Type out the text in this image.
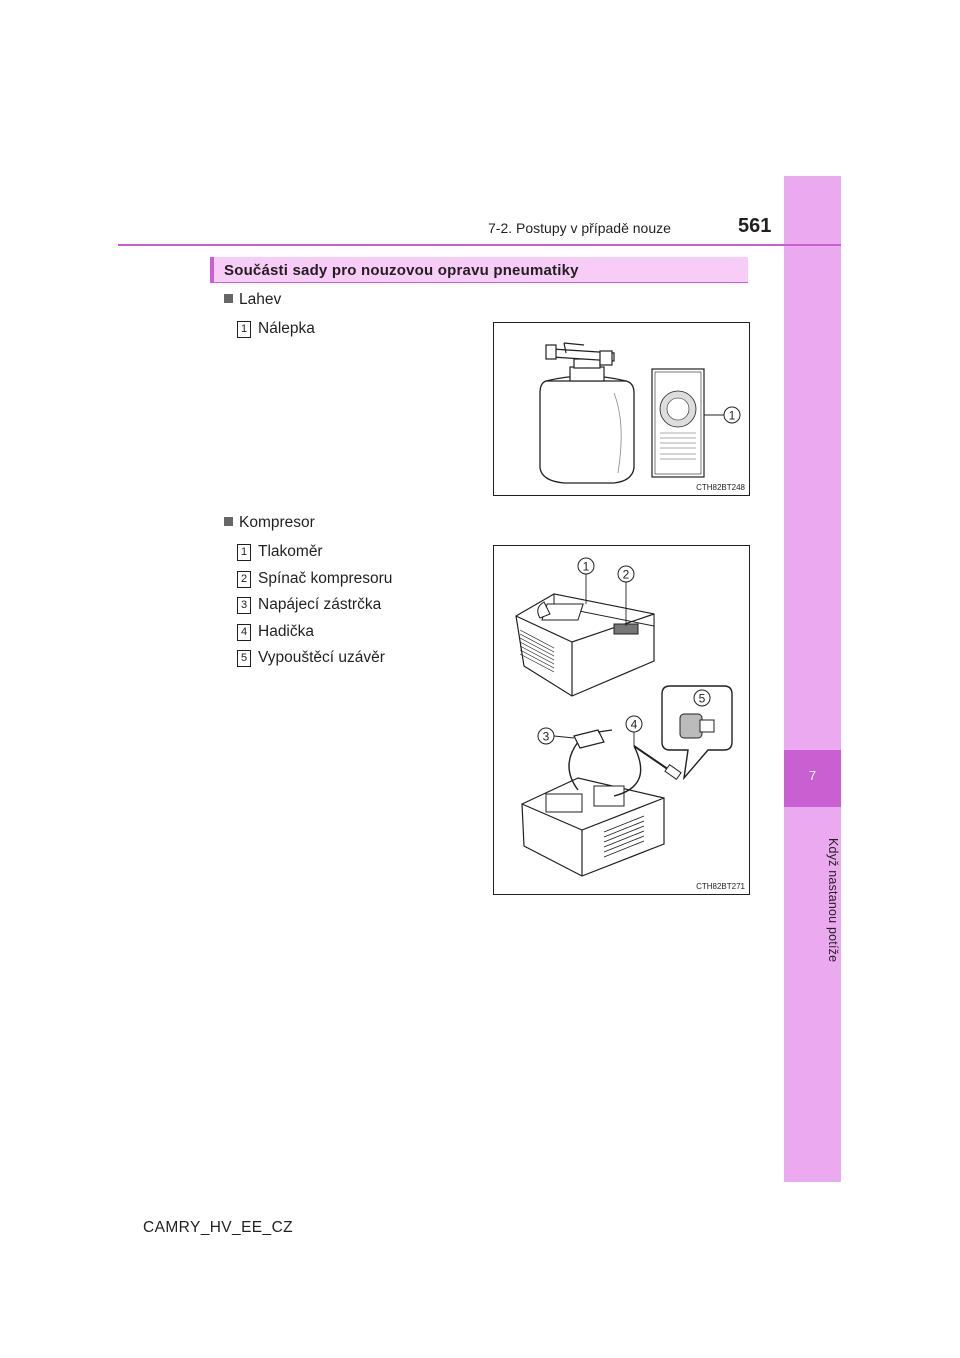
7
Když nastanou potíže
7-2. Postupy v případě nouze	561
Součásti sady pro nouzovou opravu pneumatiky
Lahev
1 Nálepka
1
CTH82BT248
Kompresor
1 Tlakoměr
2 Spínač kompresoru
3 Napájecí zástrčka
4 Hadička
5 Vypouštěcí uzávěr
1
2
3
4
5
CTH82BT271
CAMRY_HV_EE_CZ
